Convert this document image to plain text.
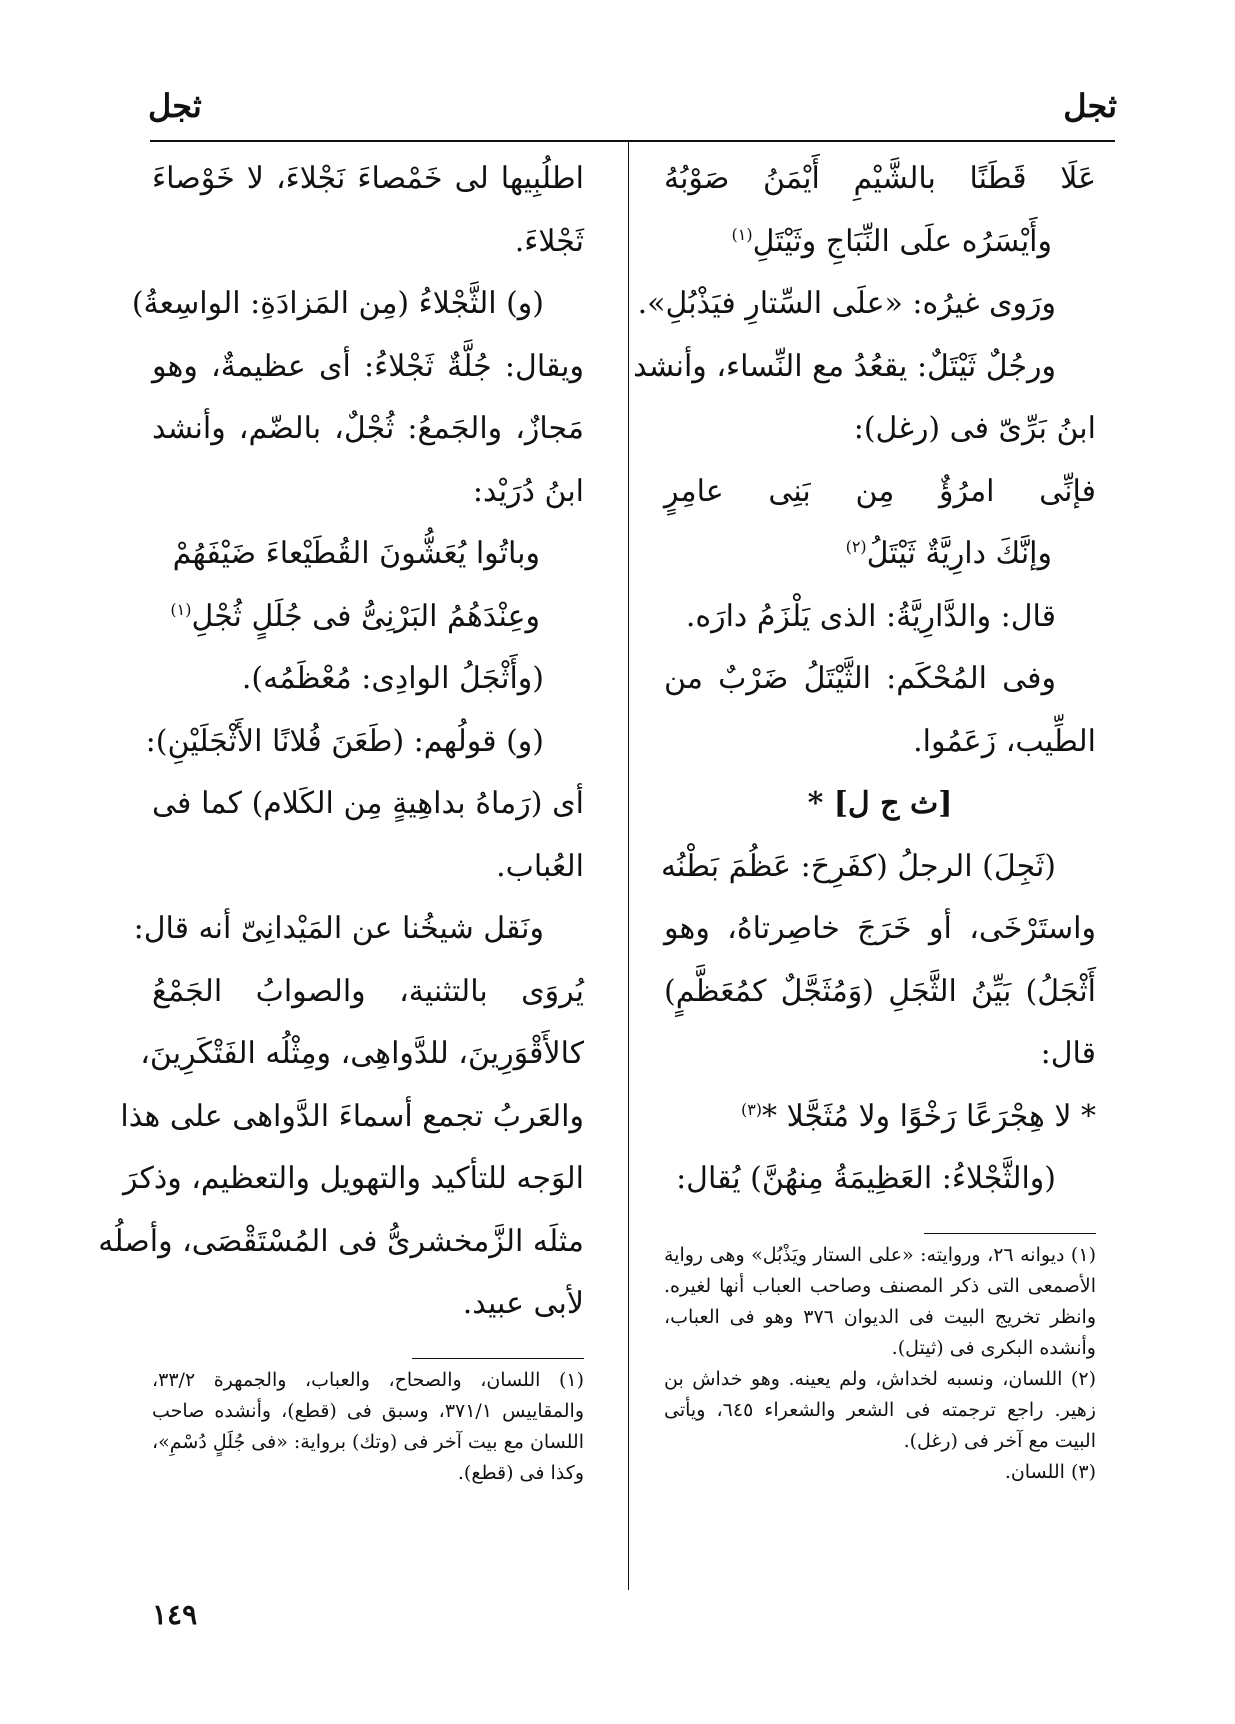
ثجل
ثجل
عَلَا قَطَنًا بالشَّيْمِ أَيْمَنُ صَوْبُهُ
وأَيْسَرُه علَى النِّبَاجِ وثَيْتَلِ$^{(١)}$
ورَوى غيرُه: «علَى السِّتارِ فيَذْبُلِ».
ورجُلٌ ثَيْتَلٌ: يقعُدُ مع النِّساء، وأنشد
ابنُ بَرِّىّ فى (رغل):
فإنِّى امرُؤٌ مِن بَنِى عامِرٍ
وإنَّكَ دارِيَّةٌ ثَيْتَلُ$^{(٢)}$
قال: والدَّارِيَّةُ: الذى يَلْزَمُ دارَه.
وفى المُحْكَم: الثَّيْتَلُ ضَرْبٌ من
الطِّيب، زَعَمُوا.
[ث ج ل] *
(ثَجِلَ) الرجلُ (كفَرِحَ: عَظُمَ بَطْنُه
واستَرْخَى، أو خَرَجَ خاصِرتاهُ، وهو
أَثْجَلُ) بَيِّنُ الثَّجَلِ (وَمُثَجَّلٌ كمُعَظَّمٍ)
قال:
* لا هِجْرَعًا رَخْوًا ولا مُثَجَّلا *$^{(٣)}$
(والثَّجْلاءُ: العَظِيمَةُ مِنهُنَّ) يُقال:
(١) ديوانه ٢٦، وروايته: «على الستار ويَذْبُل» وهى رواية الأصمعى التى ذكر المصنف وصاحب العباب أنها لغيره. وانظر تخريج البيت فى الديوان ٣٧٦ وهو فى العباب، وأنشده البكرى فى (ثيتل).
(٢) اللسان، ونسبه لخداش، ولم يعينه. وهو خداش بن زهير. راجع ترجمته فى الشعر والشعراء ٦٤٥، ويأتى البيت مع آخر فى (رغل).
(٣) اللسان.
اطلُبِيها لى خَمْصاءَ نَجْلاءَ، لا خَوْصاءَ
ثَجْلاءَ.
(و) الثَّجْلاءُ (مِن المَزادَةِ: الواسِعةُ)
ويقال: جُلَّةٌ ثَجْلاءُ: أى عظيمةٌ، وهو
مَجازٌ، والجَمعُ: ثُجْلٌ، بالضّم، وأنشد
ابنُ دُرَيْد:
وباتُوا يُعَشُّونَ القُطَيْعاءَ ضَيْفَهُمْ
وعِنْدَهُمُ البَرْنِىُّ فى جُلَلٍ ثُجْلِ$^{(١)}$
(وأَثْجَلُ الوادِى: مُعْظَمُه).
(و) قولُهم: (طَعَنَ فُلانًا الأَثْجَلَيْنِ):
أى (رَماهُ بداهِيةٍ مِن الكَلام) كما فى
العُباب.
ونَقل شيخُنا عن المَيْدانِىّ أنه قال:
يُروَى بالتثنية، والصوابُ الجَمْعُ
كالأَقْوَرِينَ، للدَّواهِى، ومِثْلُه الفَتْكَرِينَ،
والعَربُ تجمع أسماءَ الدَّواهى على هذا
الوَجه للتأكيد والتهويل والتعظيم، وذكرَ
مثلَه الزَّمخشرىُّ فى المُسْتَقْصَى، وأصلُه
لأبى عبيد.
(١) اللسان، والصحاح، والعباب، والجمهرة ٣٣/٢، والمقاييس ٣٧١/١، وسبق فى (قطع)، وأنشده صاحب اللسان مع بيت آخر فى (وتك) برواية: «فى جُلَلٍ دُسْمِ»، وكذا فى (قطع).
١٤٩
